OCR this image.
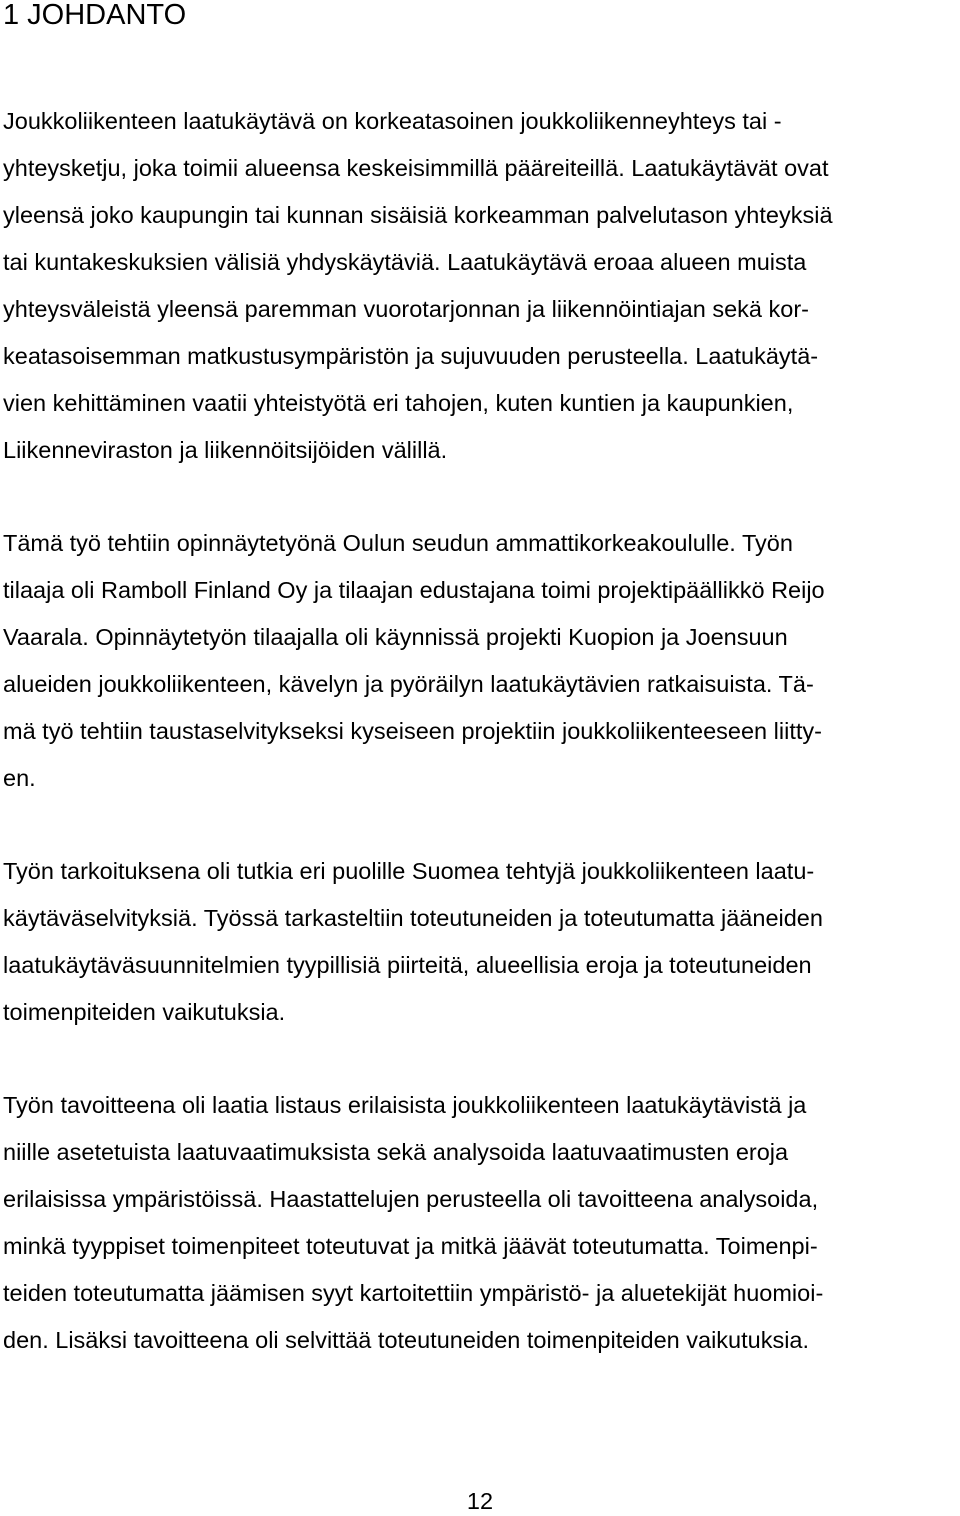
1 JOHDANTO

Joukkoliikenteen laatukäytävä on korkeatasoinen joukkoliikenneyhteys tai -
yhteysketju, joka toimii alueensa keskeisimmillä pääreiteillä. Laatukäytävät ovat
yleensä joko kaupungin tai kunnan sisäisiä korkeamman palvelutason yhteyksiä
tai kuntakeskuksien välisiä yhdyskäytäviä. Laatukäytävä eroaa alueen muista
yhteysväleistä yleensä paremman vuorotarjonnan ja liikennöintiajan sekä kor-
keatasoisemman matkustusympäristön ja sujuvuuden perusteella. Laatukäytä-
vien kehittäminen vaatii yhteistyötä eri tahojen, kuten kuntien ja kaupunkien,
Liikenneviraston ja liikennöitsijöiden välillä.

Tämä työ tehtiin opinnäytetyönä Oulun seudun ammattikorkeakoululle. Työn
tilaaja oli Ramboll Finland Oy ja tilaajan edustajana toimi projektipäällikkö Reijo
Vaarala. Opinnäytetyön tilaajalla oli käynnissä projekti Kuopion ja Joensuun
alueiden joukkoliikenteen, kävelyn ja pyöräilyn laatukäytävien ratkaisuista. Tä-
mä työ tehtiin taustaselvitykseksi kyseiseen projektiin joukkoliikenteeseen liitty-
en.

Työn tarkoituksena oli tutkia eri puolille Suomea tehtyjä joukkoliikenteen laatu-
käytäväselvityksiä. Työssä tarkasteltiin toteutuneiden ja toteutumatta jääneiden
laatukäytäväsuunnitelmien tyypillisiä piirteitä, alueellisia eroja ja toteutuneiden
toimenpiteiden vaikutuksia.

Työn tavoitteena oli laatia listaus erilaisista joukkoliikenteen laatukäytävistä ja
niille asetetuista laatuvaatimuksista sekä analysoida laatuvaatimusten eroja
erilaisissa ympäristöissä. Haastattelujen perusteella oli tavoitteena analysoida,
minkä tyyppiset toimenpiteet toteutuvat ja mitkä jäävät toteutumatta. Toimenpi-
teiden toteutumatta jäämisen syyt kartoitettiin ympäristö- ja aluetekijät huomioi-
den. Lisäksi tavoitteena oli selvittää toteutuneiden toimenpiteiden vaikutuksia.

12
